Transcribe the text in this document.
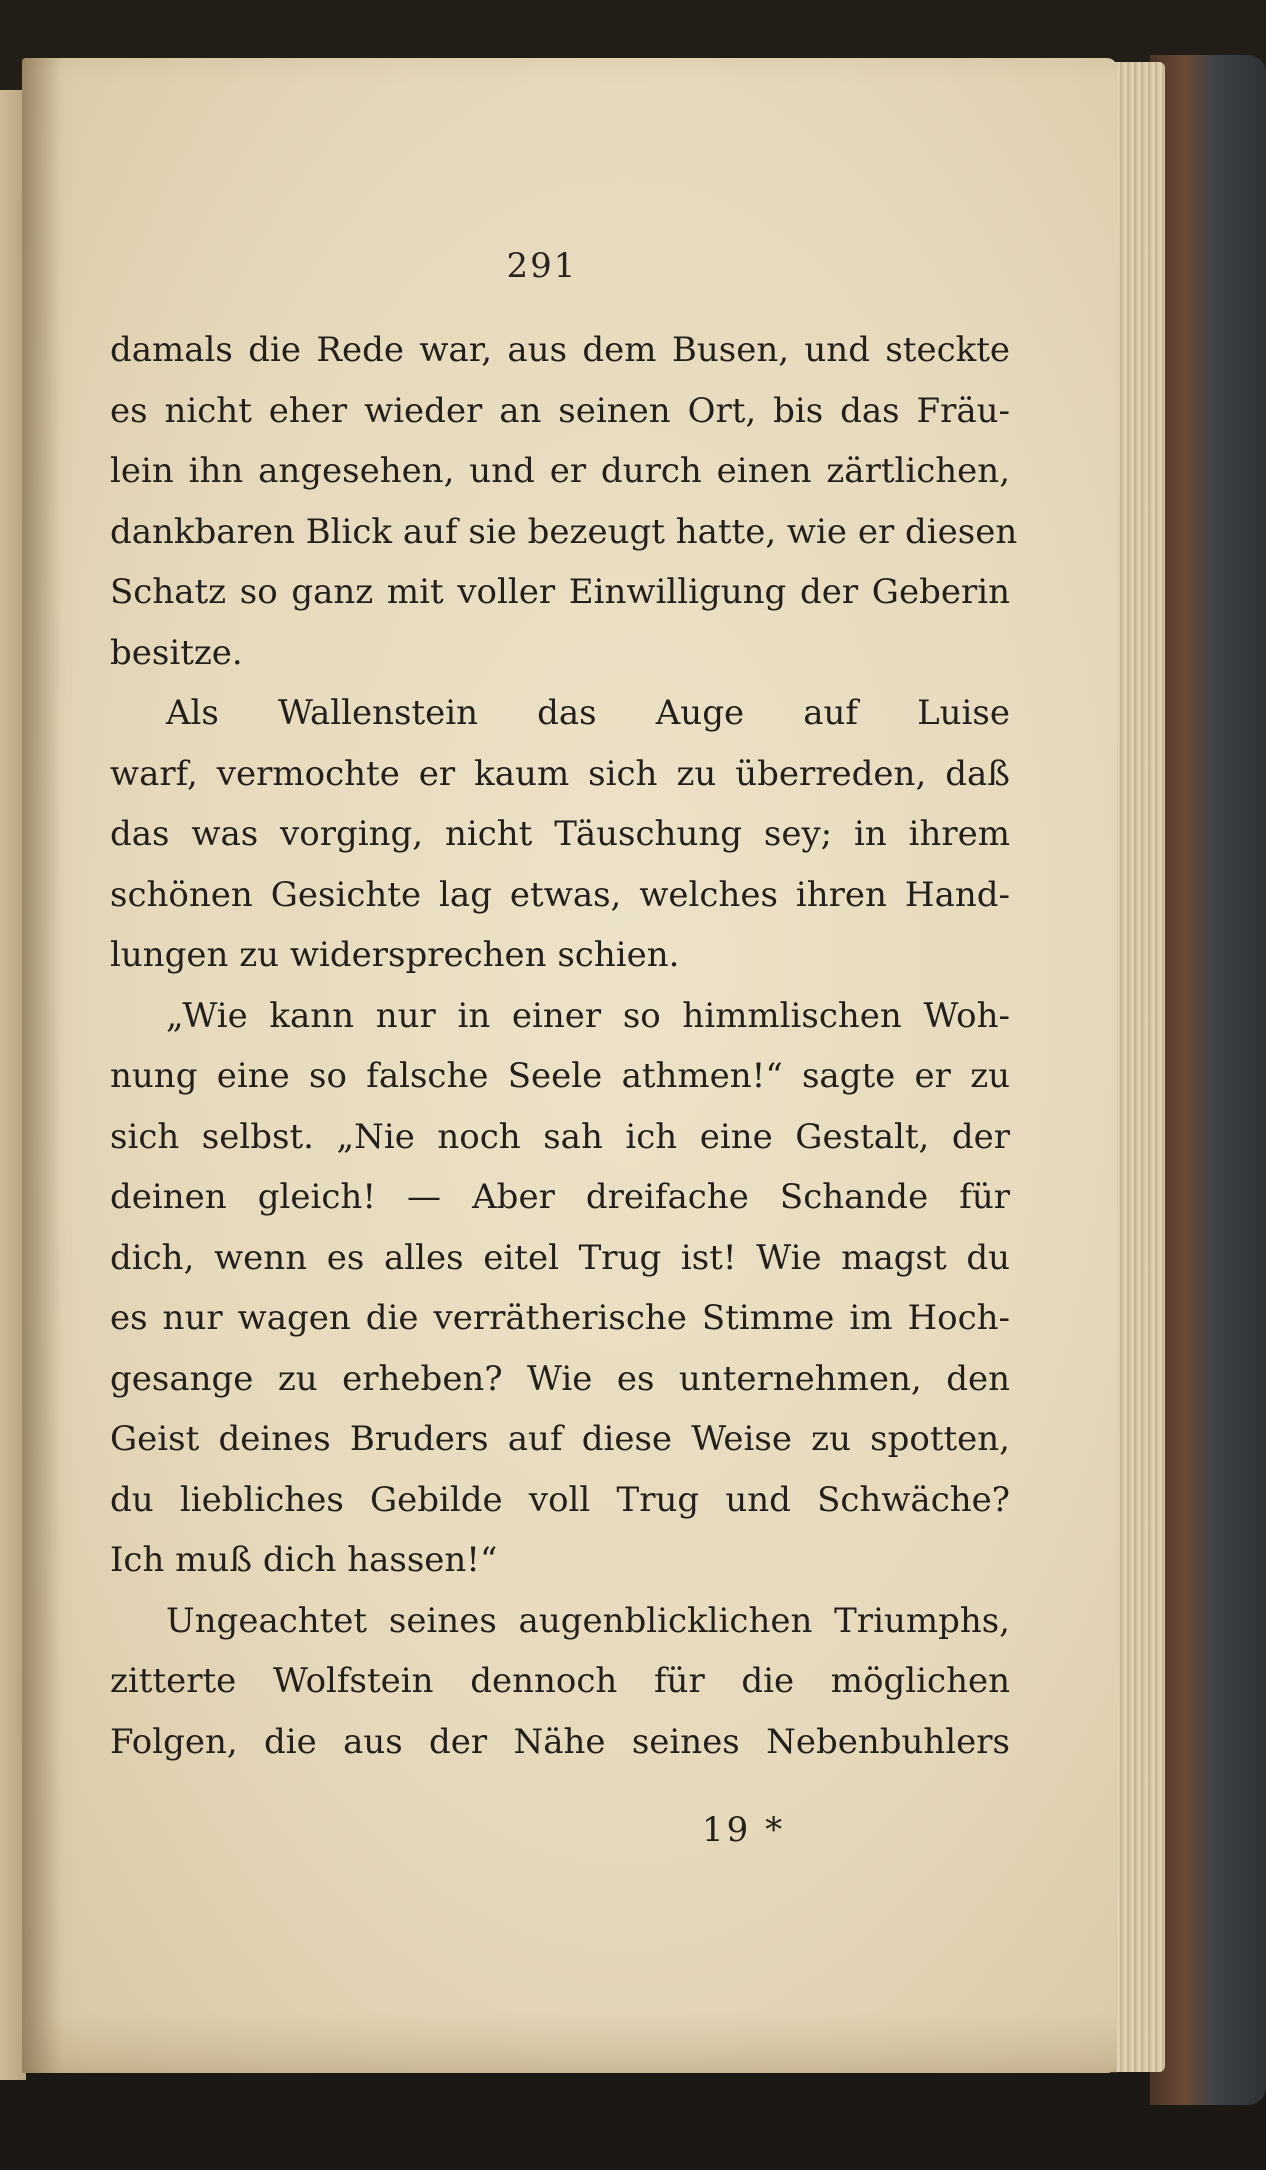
291
damals die Rede war, aus dem Busen, und steckte
es nicht eher wieder an seinen Ort, bis das Fräu-
lein ihn angesehen, und er durch einen zärtlichen,
dankbaren Blick auf sie bezeugt hatte, wie er diesen
Schatz so ganz mit voller Einwilligung der Geberin
besitze.
Als Wallenstein das Auge auf Luise
warf, vermochte er kaum sich zu überreden, daß
das was vorging, nicht Täuschung sey; in ihrem
schönen Gesichte lag etwas, welches ihren Hand-
lungen zu widersprechen schien.
„Wie kann nur in einer so himmlischen Woh-
nung eine so falsche Seele athmen!“ sagte er zu
sich selbst. „Nie noch sah ich eine Gestalt, der
deinen gleich! — Aber dreifache Schande für
dich, wenn es alles eitel Trug ist! Wie magst du
es nur wagen die verrätherische Stimme im Hoch-
gesange zu erheben? Wie es unternehmen, den
Geist deines Bruders auf diese Weise zu spotten,
du liebliches Gebilde voll Trug und Schwäche?
Ich muß dich hassen!“
Ungeachtet seines augenblicklichen Triumphs,
zitterte Wolfstein dennoch für die möglichen
Folgen, die aus der Nähe seines Nebenbuhlers
19 *
